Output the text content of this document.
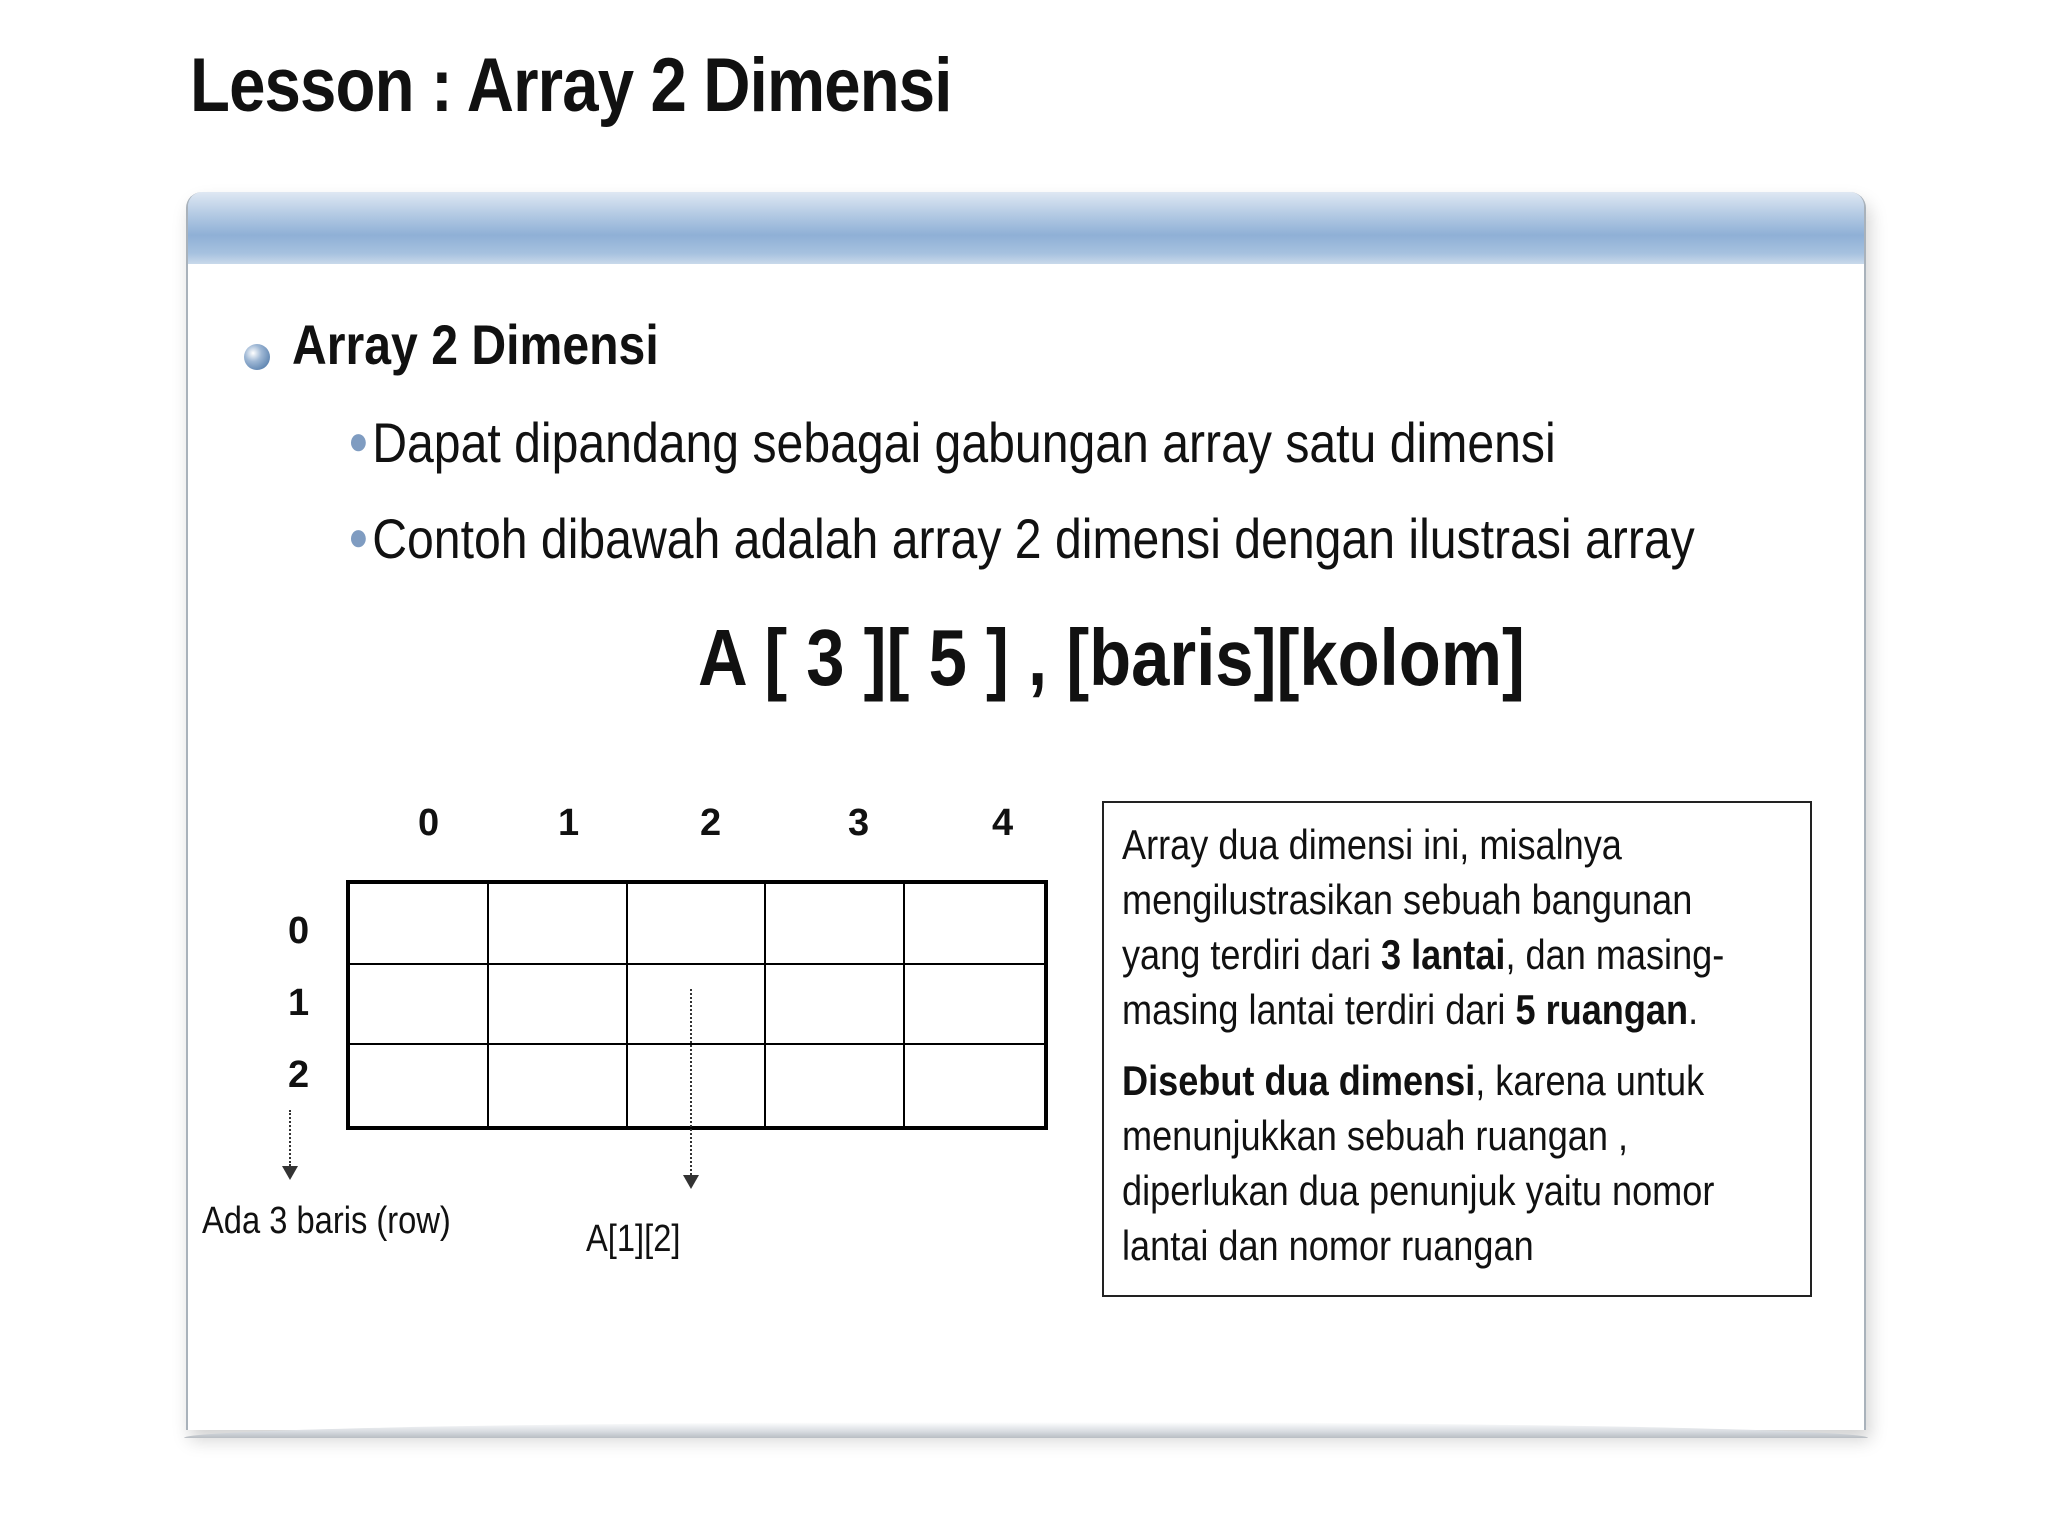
Lesson : Array 2 Dimensi
Array 2 Dimensi
●Dapat dipandang sebagai gabungan array satu dimensi
●Contoh dibawah adalah array 2 dimensi dengan ilustrasi array
A [ 3 ][ 5 ] , [baris][kolom]
0	1	2	3	4
0
1
2
Ada 3 baris (row)	A[1][2]

Array dua dimensi ini, misalnya
mengilustrasikan sebuah bangunan
yang terdiri dari 3 lantai, dan masing-
masing lantai terdiri dari 5 ruangan.

Disebut dua dimensi, karena untuk
menunjukkan sebuah ruangan ,
diperlukan dua penunjuk yaitu nomor
lantai dan nomor ruangan
